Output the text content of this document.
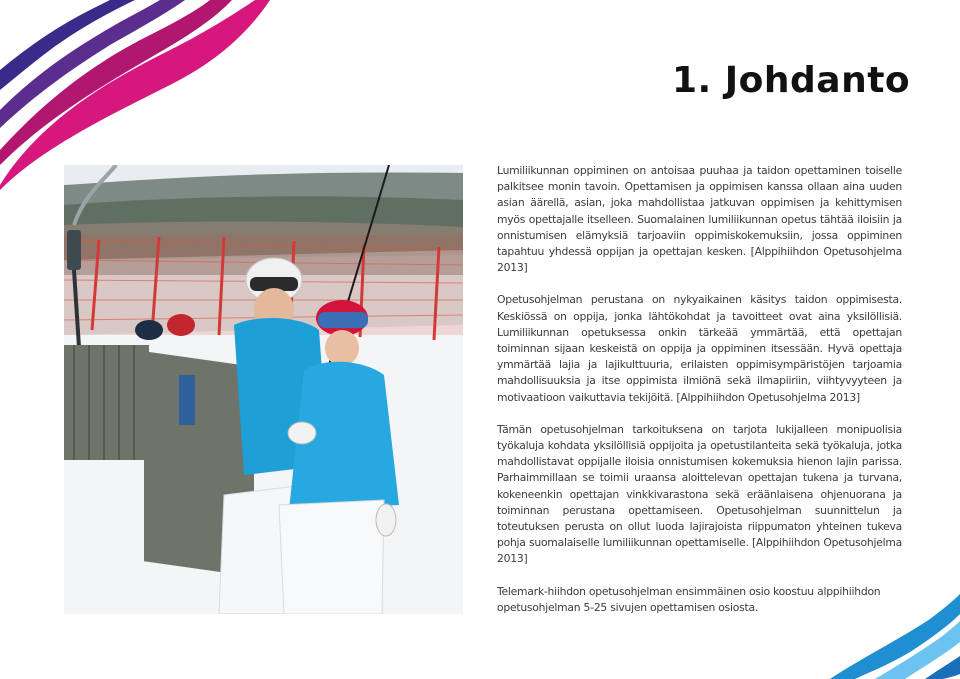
1. Johdanto

Lumiliikunnan oppiminen on antoisaa puuhaa ja taidon opettaminen toiselle palkitsee monin tavoin. Opettamisen ja oppimisen kanssa ollaan aina uuden asian äärellä, asian, joka mahdollistaa jatkuvan oppimisen ja kehittymisen myös opettajalle itselleen. Suomalainen lumiliikunnan opetus tähtää iloisiin ja onnistumisen elämyksiä tarjoaviin oppimiskokemuksiin, jossa oppiminen tapahtuu yhdessä oppijan ja opettajan kesken. [Alppihiihdon Opetusohjelma 2013]

Opetusohjelman perustana on nykyaikainen käsitys taidon oppimisesta. Keskiössä on oppija, jonka lähtökohdat ja tavoitteet ovat aina yksilöllisiä. Lumiliikunnan opetuksessa onkin tärkeää ymmärtää, että opettajan toiminnan sijaan keskeistä on oppija ja oppiminen itsessään. Hyvä opettaja ymmärtää lajia ja lajikulttuuria, erilaisten oppimisympäristöjen tarjoamia mahdollisuuksia ja itse oppimista ilmiönä sekä ilmapiiriin, viihtyvyyteen ja motivaatioon vaikuttavia tekijöitä. [Alppihiihdon Opetusohjelma 2013]

Tämän opetusohjelman tarkoituksena on tarjota lukijalleen monipuolisia työkaluja kohdata yksilöllisiä oppijoita ja opetustilanteita sekä työkaluja, jotka mahdollistavat oppijalle iloisia onnistumisen kokemuksia hienon lajin parissa. Parhaimmillaan se toimii uraansa aloittelevan opettajan tukena ja turvana, kokeneenkin opettajan vinkkivarastona sekä eräänlaisena ohjenuorana ja toiminnan perustana opettamiseen. Opetusohjelman suunnittelun ja toteutuksen perusta on ollut luoda lajirajoista riippumaton yhteinen tukeva pohja suomalaiselle lumiliikunnan opettamiselle. [Alppihiihdon Opetusohjelma 2013]

Telemark-hiihdon opetusohjelman ensimmäinen osio koostuu alppihiihdon opetusohjelman 5-25 sivujen opettamisen osiosta.
